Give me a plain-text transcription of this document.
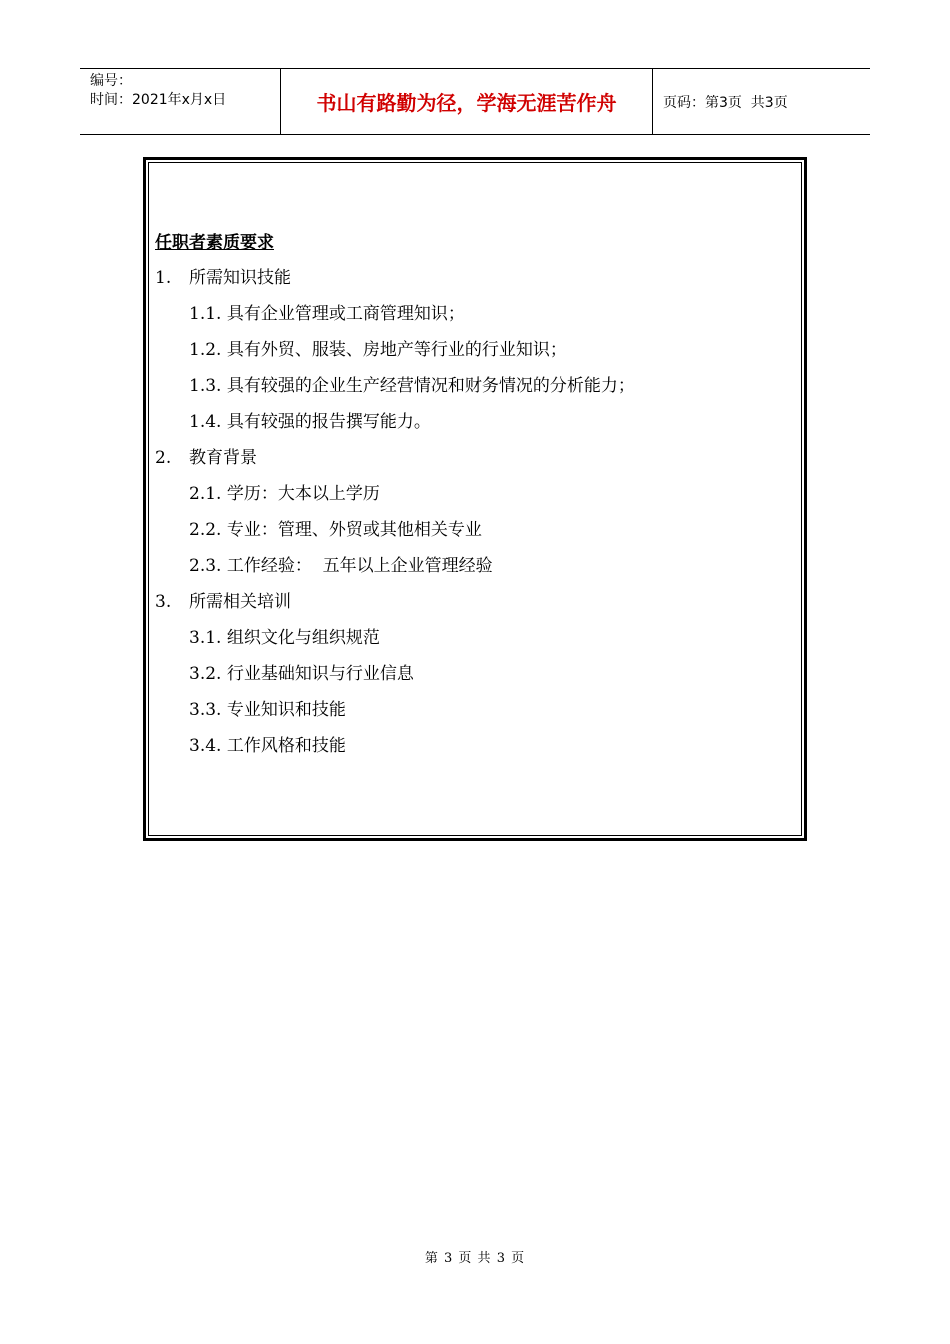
编号：
时间：2021年x月x日	书山有路勤为径，学海无涯苦作舟	页码：第3页  共3页
任职者素质要求
1. 所需知识技能
1.1. 具有企业管理或工商管理知识；
1.2. 具有外贸、服装、房地产等行业的行业知识；
1.3. 具有较强的企业生产经营情况和财务情况的分析能力；
1.4. 具有较强的报告撰写能力。
2. 教育背景
2.1. 学历：大本以上学历
2.2. 专业：管理、外贸或其他相关专业
2.3. 工作经验：  五年以上企业管理经验
3. 所需相关培训
3.1. 组织文化与组织规范
3.2. 行业基础知识与行业信息
3.3. 专业知识和技能
3.4. 工作风格和技能
第 3 页 共 3 页
